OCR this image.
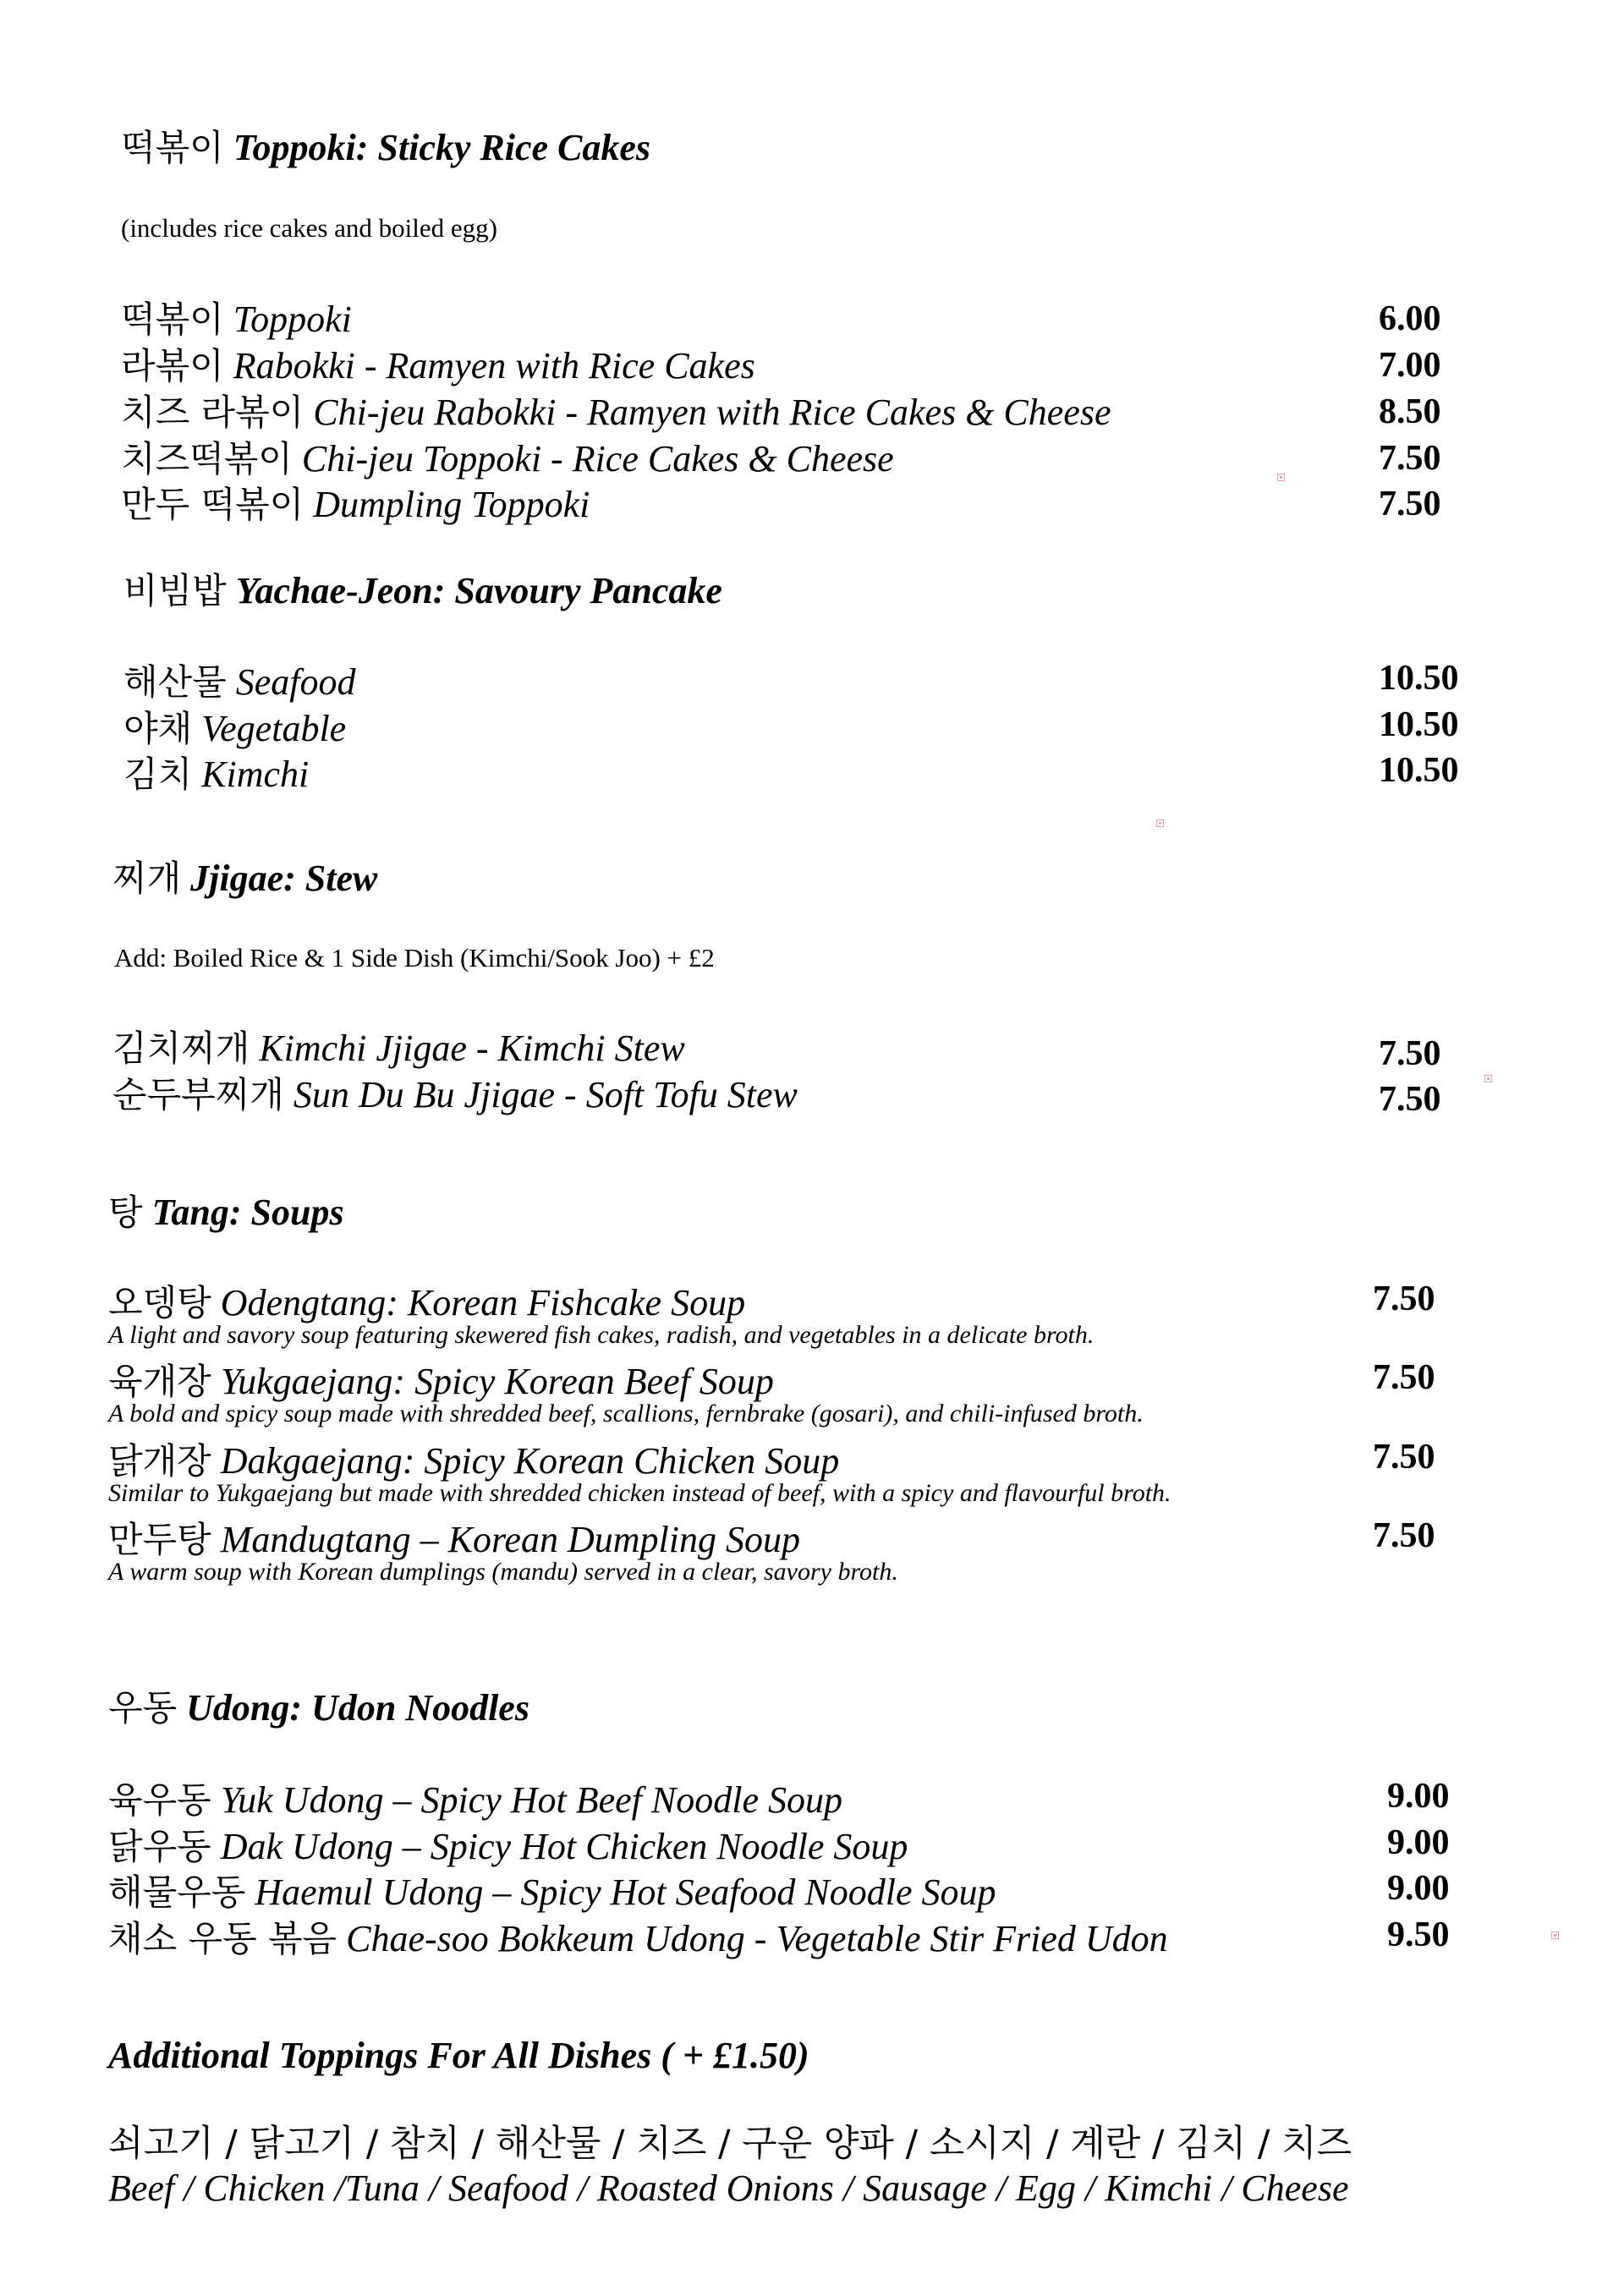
떡볶이 Toppoki: Sticky Rice Cakes
(includes rice cakes and boiled egg)
떡볶이 Toppoki	6.00
라볶이 Rabokki - Ramyen with Rice Cakes	7.00
치즈 라볶이 Chi-jeu Rabokki - Ramyen with Rice Cakes & Cheese	8.50
치즈떡볶이 Chi-jeu Toppoki - Rice Cakes & Cheese	7.50
만두 떡볶이 Dumpling Toppoki	7.50
비빔밥 Yachae-Jeon: Savoury Pancake
해산물 Seafood	10.50
야채 Vegetable	10.50
김치 Kimchi	10.50
찌개 Jjigae: Stew
Add: Boiled Rice & 1 Side Dish (Kimchi/Sook Joo) + £2
김치찌개 Kimchi Jjigae - Kimchi Stew	7.50
순두부찌개 Sun Du Bu Jjigae - Soft Tofu Stew	7.50
탕 Tang: Soups
오뎅탕 Odengtang: Korean Fishcake Soup	7.50
A light and savory soup featuring skewered fish cakes, radish, and vegetables in a delicate broth.
육개장 Yukgaejang: Spicy Korean Beef Soup	7.50
A bold and spicy soup made with shredded beef, scallions, fernbrake (gosari), and chili-infused broth.
닭개장 Dakgaejang: Spicy Korean Chicken Soup	7.50
Similar to Yukgaejang but made with shredded chicken instead of beef, with a spicy and flavourful broth.
만두탕 Mandugtang – Korean Dumpling Soup	7.50
A warm soup with Korean dumplings (mandu) served in a clear, savory broth.
우동 Udong: Udon Noodles
육우동 Yuk Udong – Spicy Hot Beef Noodle Soup	9.00
닭우동 Dak Udong – Spicy Hot Chicken Noodle Soup	9.00
해물우동 Haemul Udong – Spicy Hot Seafood Noodle Soup	9.00
채소 우동 볶음 Chae-soo Bokkeum Udong - Vegetable Stir Fried Udon	9.50
Additional Toppings For All Dishes ( + £1.50)
쇠고기 / 닭고기 / 참치 / 해산물 / 치즈 / 구운 양파 / 소시지 / 계란 / 김치 / 치즈
Beef / Chicken /Tuna / Seafood / Roasted Onions / Sausage / Egg / Kimchi / Cheese
